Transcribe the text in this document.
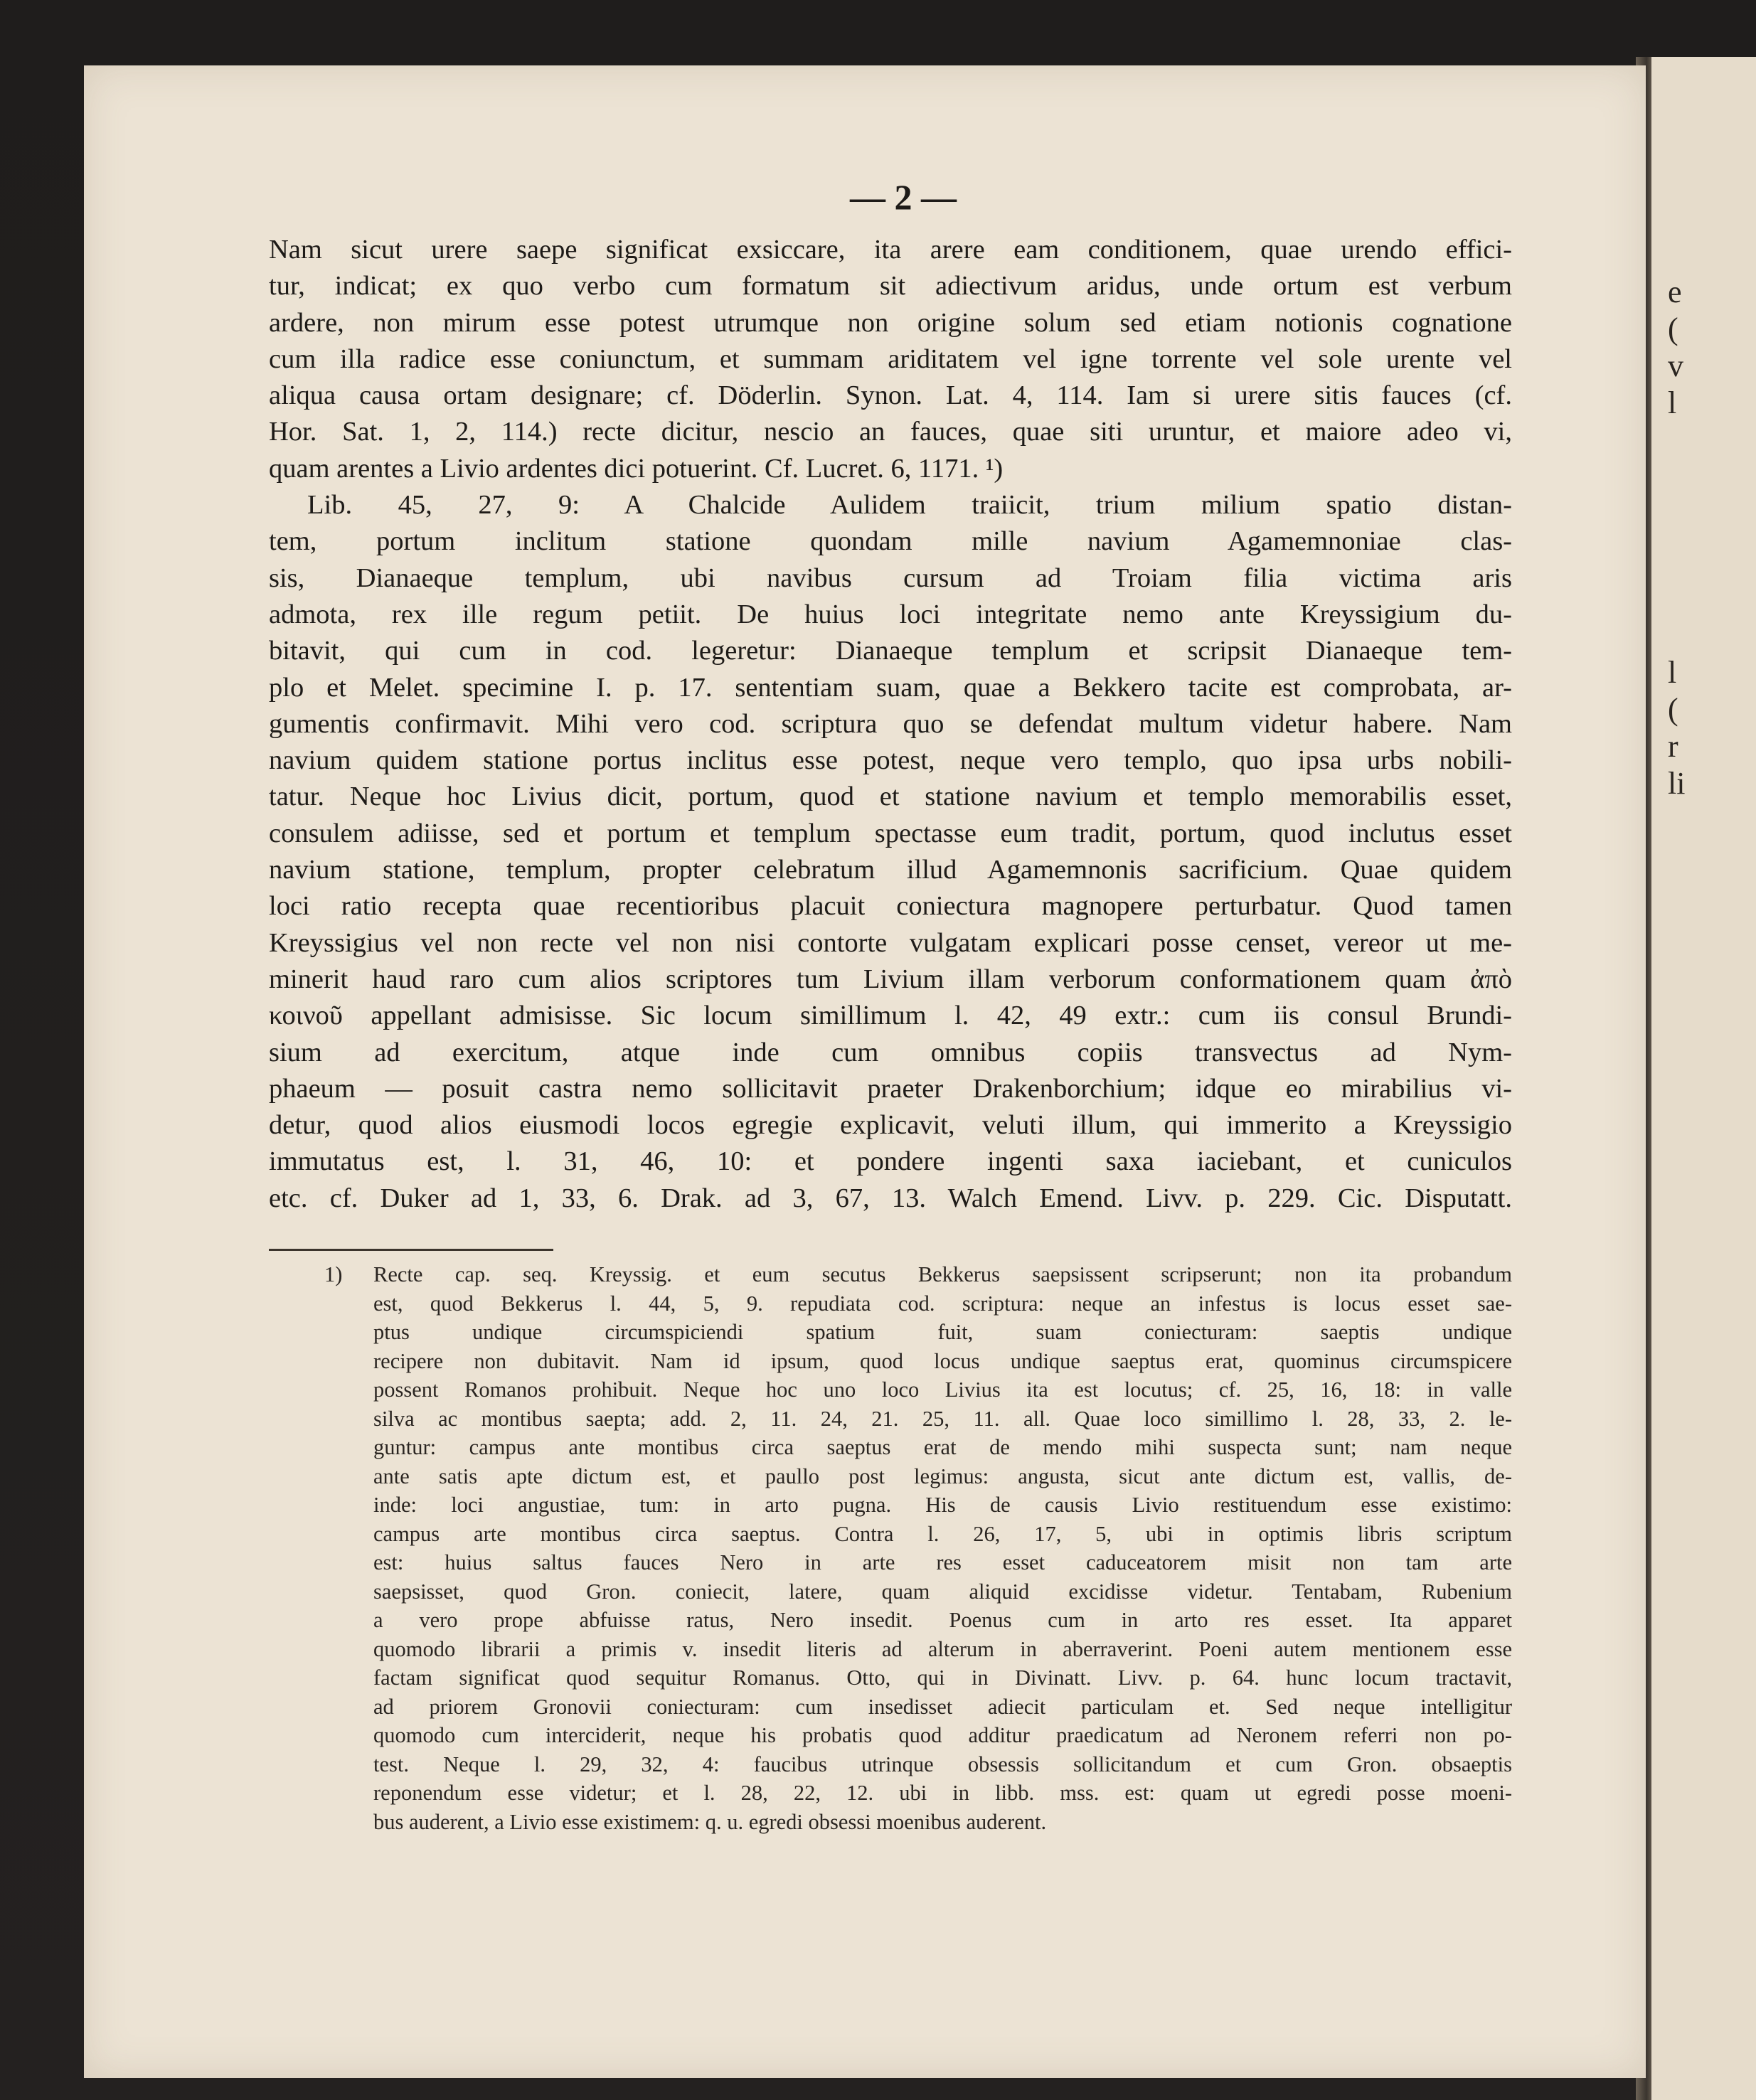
e
(
v
l
l
(
r
li
— 2 —
Nam sicut urere saepe significat exsiccare, ita arere eam conditionem, quae urendo effici-
tur, indicat; ex quo verbo cum formatum sit adiectivum aridus, unde ortum est verbum
ardere, non mirum esse potest utrumque non origine solum sed etiam notionis cognatione
cum illa radice esse coniunctum, et summam ariditatem vel igne torrente vel sole urente vel
aliqua causa ortam designare; cf. Döderlin. Synon. Lat. 4, 114. Iam si urere sitis fauces (cf.
Hor. Sat. 1, 2, 114.) recte dicitur, nescio an fauces, quae siti uruntur, et maiore adeo vi,
quam arentes a Livio ardentes dici potuerint. Cf. Lucret. 6, 1171. ¹)
Lib. 45, 27, 9: A Chalcide Aulidem traiicit, trium milium spatio distan-
tem, portum inclitum statione quondam mille navium Agamemnoniae clas-
sis, Dianaeque templum, ubi navibus cursum ad Troiam filia victima aris
admota, rex ille regum petiit. De huius loci integritate nemo ante Kreyssigium du-
bitavit, qui cum in cod. legeretur: Dianaeque templum et scripsit Dianaeque tem-
plo et Melet. specimine I. p. 17. sententiam suam, quae a Bekkero tacite est comprobata, ar-
gumentis confirmavit. Mihi vero cod. scriptura quo se defendat multum videtur habere. Nam
navium quidem statione portus inclitus esse potest, neque vero templo, quo ipsa urbs nobili-
tatur. Neque hoc Livius dicit, portum, quod et statione navium et templo memorabilis esset,
consulem adiisse, sed et portum et templum spectasse eum tradit, portum, quod inclutus esset
navium statione, templum, propter celebratum illud Agamemnonis sacrificium. Quae quidem
loci ratio recepta quae recentioribus placuit coniectura magnopere perturbatur. Quod tamen
Kreyssigius vel non recte vel non nisi contorte vulgatam explicari posse censet, vereor ut me-
minerit haud raro cum alios scriptores tum Livium illam verborum conformationem quam ἀπὸ
κοινοῦ appellant admisisse. Sic locum simillimum l. 42, 49 extr.: cum iis consul Brundi-
sium ad exercitum, atque inde cum omnibus copiis transvectus ad Nym-
phaeum — posuit castra nemo sollicitavit praeter Drakenborchium; idque eo mirabilius vi-
detur, quod alios eiusmodi locos egregie explicavit, veluti illum, qui immerito a Kreyssigio
immutatus est, l. 31, 46, 10: et pondere ingenti saxa iaciebant, et cuniculos
etc. cf. Duker ad 1, 33, 6. Drak. ad 3, 67, 13. Walch Emend. Livv. p. 229. Cic. Disputatt.
1) Recte cap. seq. Kreyssig. et eum secutus Bekkerus saepsissent scripserunt; non ita probandum
est, quod Bekkerus l. 44, 5, 9. repudiata cod. scriptura: neque an infestus is locus esset sae-
ptus undique circumspiciendi spatium fuit, suam coniecturam: saeptis undique
recipere non dubitavit. Nam id ipsum, quod locus undique saeptus erat, quominus circumspicere
possent Romanos prohibuit. Neque hoc uno loco Livius ita est locutus; cf. 25, 16, 18: in valle
silva ac montibus saepta; add. 2, 11. 24, 21. 25, 11. all. Quae loco simillimo l. 28, 33, 2. le-
guntur: campus ante montibus circa saeptus erat de mendo mihi suspecta sunt; nam neque
ante satis apte dictum est, et paullo post legimus: angusta, sicut ante dictum est, vallis, de-
inde: loci angustiae, tum: in arto pugna. His de causis Livio restituendum esse existimo:
campus arte montibus circa saeptus. Contra l. 26, 17, 5, ubi in optimis libris scriptum
est: huius saltus fauces Nero in arte res esset caduceatorem misit non tam arte
saepsisset, quod Gron. coniecit, latere, quam aliquid excidisse videtur. Tentabam, Rubenium
a vero prope abfuisse ratus, Nero insedit. Poenus cum in arto res esset. Ita apparet
quomodo librarii a primis v. insedit literis ad alterum in aberraverint. Poeni autem mentionem esse
factam significat quod sequitur Romanus. Otto, qui in Divinatt. Livv. p. 64. hunc locum tractavit,
ad priorem Gronovii coniecturam: cum insedisset adiecit particulam et. Sed neque intelligitur
quomodo cum interciderit, neque his probatis quod additur praedicatum ad Neronem referri non po-
test. Neque l. 29, 32, 4: faucibus utrinque obsessis sollicitandum et cum Gron. obsaeptis
reponendum esse videtur; et l. 28, 22, 12. ubi in libb. mss. est: quam ut egredi posse moeni-
bus auderent, a Livio esse existimem: q. u. egredi obsessi moenibus auderent.
